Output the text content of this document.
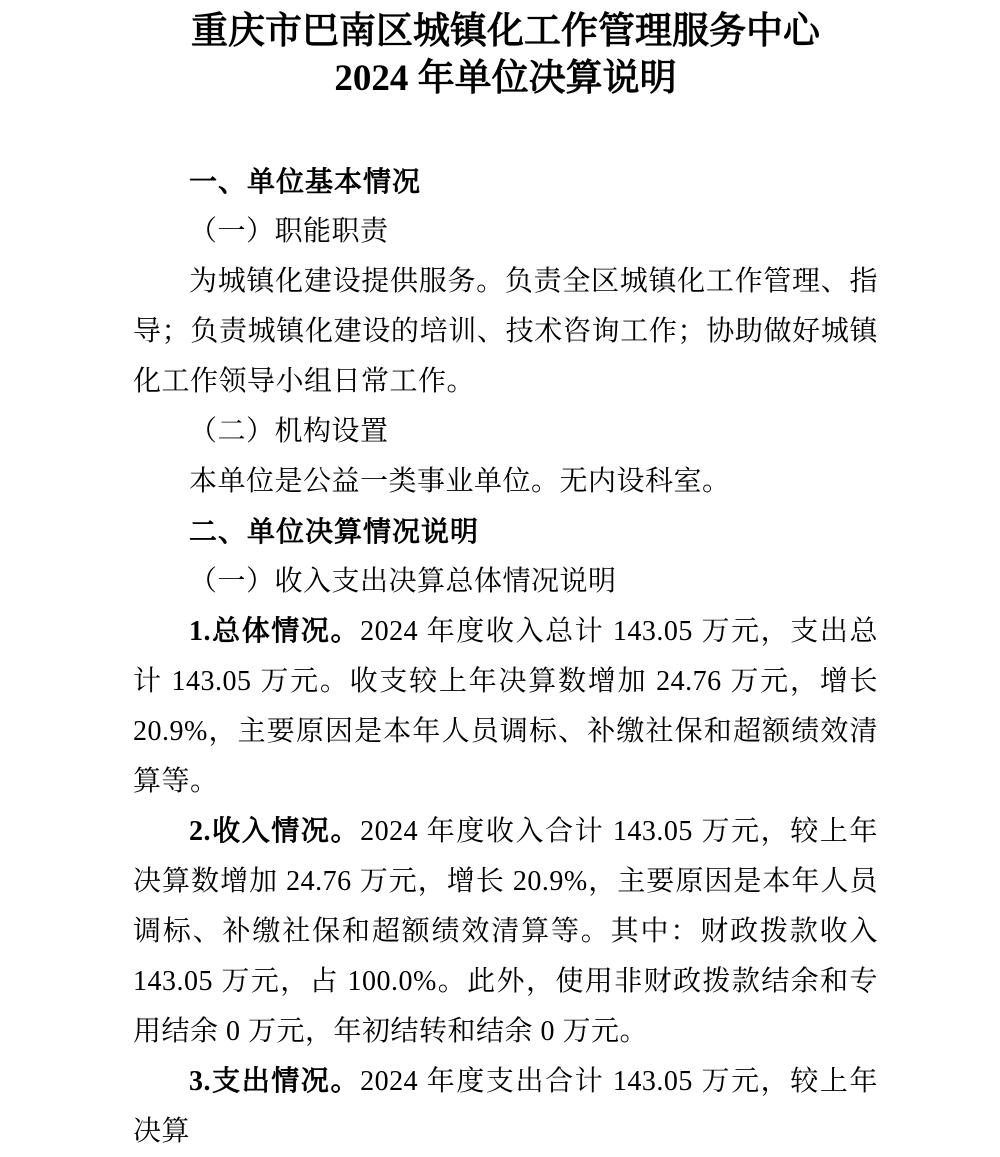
重庆市巴南区城镇化工作管理服务中心
2024 年单位决算说明

一、单位基本情况

（一）职能职责

为城镇化建设提供服务。负责全区城镇化工作管理、指导；负责城镇化建设的培训、技术咨询工作；协助做好城镇化工作领导小组日常工作。

（二）机构设置

本单位是公益一类事业单位。无内设科室。

二、单位决算情况说明

（一）收入支出决算总体情况说明

1.总体情况。2024 年度收入总计 143.05 万元，支出总计 143.05 万元。收支较上年决算数增加 24.76 万元，增长 20.9%，主要原因是本年人员调标、补缴社保和超额绩效清算等。

2.收入情况。2024 年度收入合计 143.05 万元，较上年决算数增加 24.76 万元，增长 20.9%，主要原因是本年人员调标、补缴社保和超额绩效清算等。其中：财政拨款收入 143.05 万元，占 100.0%。此外，使用非财政拨款结余和专用结余 0 万元，年初结转和结余 0 万元。

3.支出情况。2024 年度支出合计 143.05 万元，较上年决算
